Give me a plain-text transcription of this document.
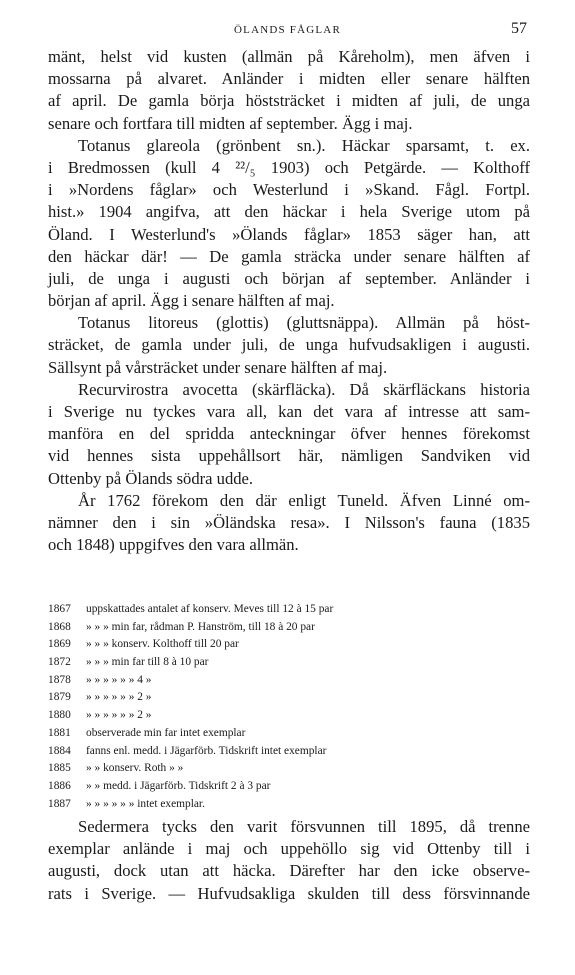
ÖLANDS FÅGLAR	57
mänt, helst vid kusten (allmän på Kåreholm), men äfven i
mossarna på alvaret. Anländer i midten eller senare hälften
af april. De gamla börja höststräcket i midten af juli, de unga
senare och fortfara till midten af september. Ägg i maj.
Totanus glareola (grönbent sn.). Häckar sparsamt, t. ex.
i Bredmossen (kull 4 ²²/₅ 1903) och Petgärde. — Kolthoff
i »Nordens fåglar» och Westerlund i »Skand. Fågl. Fortpl.
hist.» 1904 angifva, att den häckar i hela Sverige utom på
Öland. I Westerlund's »Ölands fåglar» 1853 säger han, att
den häckar där! — De gamla sträcka under senare hälften af
juli, de unga i augusti och början af september. Anländer i
början af april. Ägg i senare hälften af maj.
Totanus litoreus (glottis) (gluttsnäppa). Allmän på höst-
sträcket, de gamla under juli, de unga hufvudsakligen i augusti.
Sällsynt på vårsträcket under senare hälften af maj.
Recurvirostra avocetta (skärfläcka). Då skärfläckans historia
i Sverige nu tyckes vara all, kan det vara af intresse att sam-
manföra en del spridda anteckningar öfver hennes förekomst
vid hennes sista uppehållsort här, nämligen Sandviken vid
Ottenby på Ölands södra udde.
År 1762 förekom den där enligt Tuneld. Äfven Linné om-
nämner den i sin »Öländska resa». I Nilsson's fauna (1835
och 1848) uppgifves den vara allmän.
1867	uppskattades antalet af konserv. Meves till 12 à 15 par
1868	» » » min far, rådman P. Hanström, till 18 à 20 par
1869	» » » konserv. Kolthoff till 20 par
1872	» » » min far till 8 à 10 par
1878	» » » » » » 4 »
1879	» » » » » » 2 »
1880	» » » » » » 2 »
1881	observerade min far intet exemplar
1884	fanns enl. medd. i Jägarförb. Tidskrift intet exemplar
1885	» » konserv. Roth » »
1886	» » medd. i Jägarförb. Tidskrift 2 à 3 par
1887	» » » » » » intet exemplar.
Sedermera tycks den varit försvunnen till 1895, då trenne
exemplar anlände i maj och uppehöllo sig vid Ottenby till i
augusti, dock utan att häcka. Därefter har den icke observe-
rats i Sverige. — Hufvudsakliga skulden till dess försvinnande
